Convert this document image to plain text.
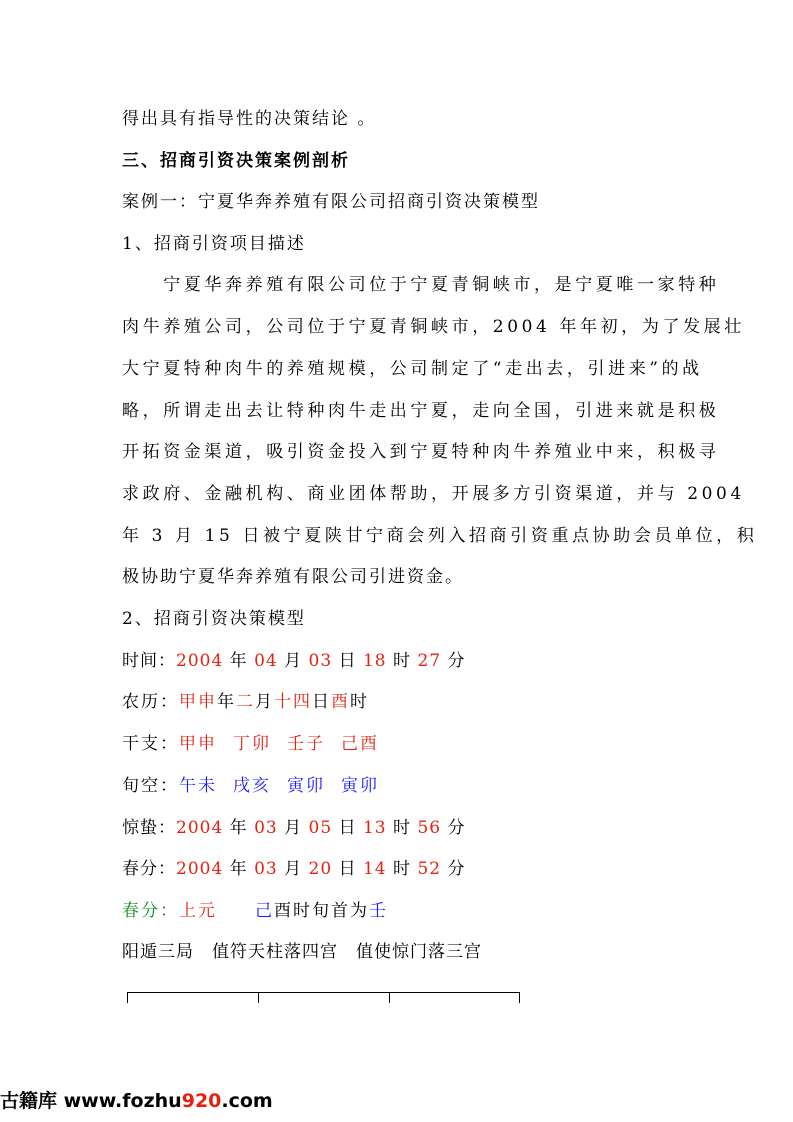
得出具有指导性的决策结论 。
三、招商引资决策案例剖析
案例一：宁夏华奔养殖有限公司招商引资决策模型
1、招商引资项目描述
　　宁夏华奔养殖有限公司位于宁夏青铜峡市，是宁夏唯一家特种
肉牛养殖公司，公司位于宁夏青铜峡市，2004 年年初，为了发展壮
大宁夏特种肉牛的养殖规模，公司制定了“走出去，引进来”的战
略，所谓走出去让特种肉牛走出宁夏，走向全国，引进来就是积极
开拓资金渠道，吸引资金投入到宁夏特种肉牛养殖业中来，积极寻
求政府、金融机构、商业团体帮助，开展多方引资渠道，并与 2004
年 3 月 15 日被宁夏陕甘宁商会列入招商引资重点协助会员单位，积
极协助宁夏华奔养殖有限公司引进资金。
2、招商引资决策模型
时间：2004 年 04 月 03 日 18 时 27 分
农历：甲申年二月十四日酉时
干支：甲申 丁卯 壬子 己酉
旬空：午未 戌亥 寅卯 寅卯
惊蛰：2004 年 03 月 05 日 13 时 56 分
春分：2004 年 03 月 20 日 14 时 52 分
春分：上元 己酉时旬首为壬
阳遁三局　值符天柱落四宫　值使惊门落三宫
古籍库 www.fozhu920.com
